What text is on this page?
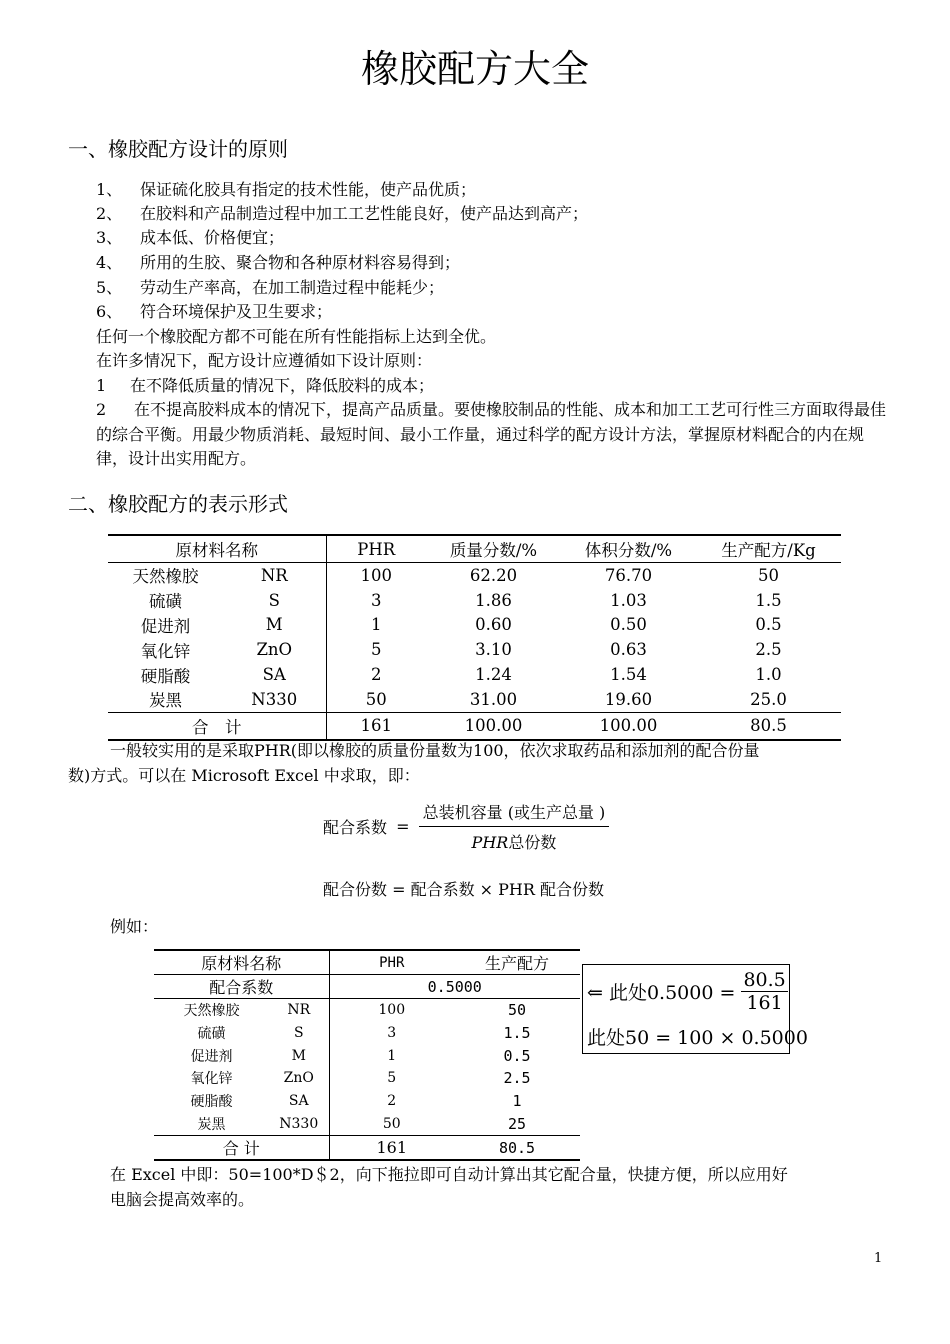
橡胶配方大全
一、橡胶配方设计的原则
1、 保证硫化胶具有指定的技术性能，使产品优质；
2、 在胶料和产品制造过程中加工工艺性能良好，使产品达到高产；
3、 成本低、价格便宜；
4、 所用的生胶、聚合物和各种原材料容易得到；
5、 劳动生产率高，在加工制造过程中能耗少；
6、 符合环境保护及卫生要求；
任何一个橡胶配方都不可能在所有性能指标上达到全优。
在许多情况下，配方设计应遵循如下设计原则：
1 在不降低质量的情况下，降低胶料的成本；
2 在不提高胶料成本的情况下，提高产品质量。要使橡胶制品的性能、成本和加工工艺可行性三方面取得最佳的综合平衡。用最少物质消耗、最短时间、最小工作量，通过科学的配方设计方法，掌握原材料配合的内在规律，设计出实用配方。
二、橡胶配方的表示形式
原材料名称		PHR	质量分数/%	体积分数/%	生产配方/Kg
天然橡胶	NR	100	62.20	76.70	50
硫磺	S	3	1.86	1.03	1.5
促进剂	M	1	0.60	0.50	0.5
氧化锌	ZnO	5	3.10	0.63	2.5
硬脂酸	SA	2	1.24	1.54	1.0
炭黑	N330	50	31.00	19.60	25.0
合　计		161	100.00	100.00	80.5
一般较实用的是采取PHR(即以橡胶的质量份量数为100，依次求取药品和添加剂的配合份量
数)方式。可以在 Microsoft Excel 中求取，即：
配合系数 = $\frac{\text{总装机容量 (或生产总量 )}}{\text{PHR总份数}}$
配合份数 = 配合系数 × PHR 配合份数
例如：
原材料名称		PHR	生产配方
配合系数		0.5000	
天然橡胶	NR	100	50
硫磺	S	3	1.5
促进剂	M	1	0.5
氧化锌	ZnO	5	2.5
硬脂酸	SA	2	1
炭黑	N330	50	25
合 计		161	80.5
⇐ 此处$0.5000 = \frac{80.5}{161}$
此处50 = 100 × 0.5000
在 Excel 中即：50=100*D＄2，向下拖拉即可自动计算出其它配合量，快捷方便，所以应用好
电脑会提高效率的。
1
